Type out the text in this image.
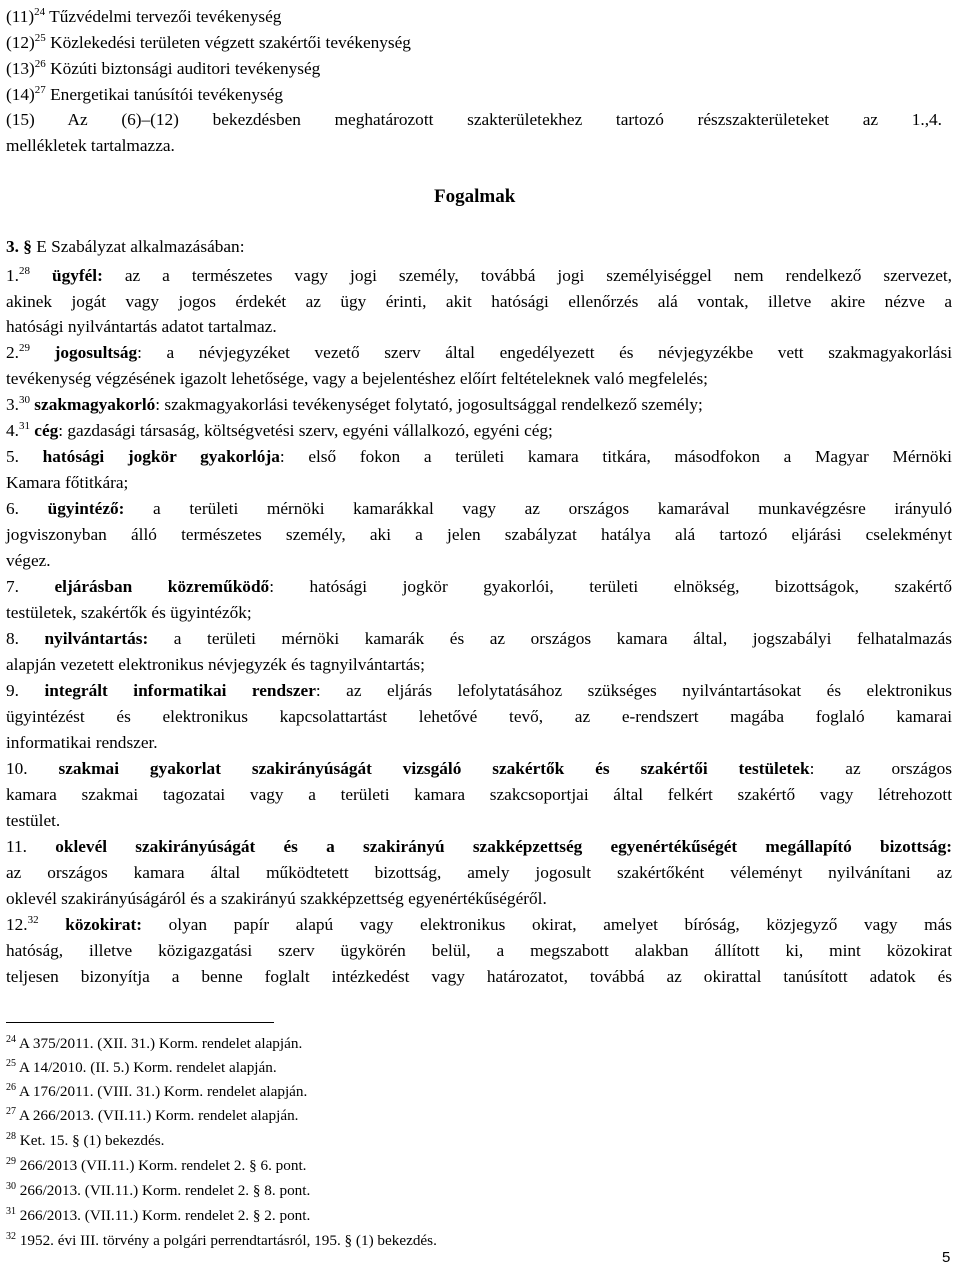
$(11)^{24}$ Tűzvédelmi tervezői tevékenység
$(12)^{25}$ Közlekedési területen végzett szakértői tevékenység
$(13)^{26}$ Közúti biztonsági auditori tevékenység
$(14)^{27}$ Energetikai tanúsítói tevékenység
(15) Az (6)–(12) bekezdésben meghatározott szakterületekhez tartozó részszakterületeket az 1.,4.
mellékletek tartalmazza.
Fogalmak
3. § E Szabályzat alkalmazásában:
1.28 ügyfél: az a természetes vagy jogi személy, továbbá jogi személyiséggel nem rendelkező szervezet,
akinek jogát vagy jogos érdekét az ügy érinti, akit hatósági ellenőrzés alá vontak, illetve akire nézve a
hatósági nyilvántartás adatot tartalmaz.
2.29 jogosultság: a névjegyzéket vezető szerv által engedélyezett és névjegyzékbe vett szakmagyakorlási
tevékenység végzésének igazolt lehetősége, vagy a bejelentéshez előírt feltételeknek való megfelelés;
3.30 szakmagyakorló: szakmagyakorlási tevékenységet folytató, jogosultsággal rendelkező személy;
4.31 cég: gazdasági társaság, költségvetési szerv, egyéni vállalkozó, egyéni cég;
5. hatósági jogkör gyakorlója: első fokon a területi kamara titkára, másodfokon a Magyar Mérnöki
Kamara főtitkára;
6. ügyintéző: a területi mérnöki kamarákkal vagy az országos kamarával munkavégzésre irányuló
jogviszonyban álló természetes személy, aki a jelen szabályzat hatálya alá tartozó eljárási cselekményt
végez.
7. eljárásban közreműködő: hatósági jogkör gyakorlói, területi elnökség, bizottságok, szakértő
testületek, szakértők és ügyintézők;
8. nyilvántartás: a területi mérnöki kamarák és az országos kamara által, jogszabályi felhatalmazás
alapján vezetett elektronikus névjegyzék és tagnyilvántartás;
9. integrált informatikai rendszer: az eljárás lefolytatásához szükséges nyilvántartásokat és elektronikus
ügyintézést és elektronikus kapcsolattartást lehetővé tevő, az e-rendszert magába foglaló kamarai
informatikai rendszer.
10. szakmai gyakorlat szakirányúságát vizsgáló szakértők és szakértői testületek: az országos
kamara szakmai tagozatai vagy a területi kamara szakcsoportjai által felkért szakértő vagy létrehozott
testület.
11. oklevél szakirányúságát és a szakirányú szakképzettség egyenértékűségét megállapító bizottság:
az országos kamara által működtetett bizottság, amely jogosult szakértőként véleményt nyilvánítani az
oklevél szakirányúságáról és a szakirányú szakképzettség egyenértékűségéről.
12.32 közokirat: olyan papír alapú vagy elektronikus okirat, amelyet bíróság, közjegyző vagy más
hatóság, illetve közigazgatási szerv ügykörén belül, a megszabott alakban állított ki, mint közokirat
teljesen bizonyítja a benne foglalt intézkedést vagy határozatot, továbbá az okirattal tanúsított adatok és
$^{24}$ A 375/2011. (XII. 31.) Korm. rendelet alapján.
$^{25}$ A 14/2010. (II. 5.) Korm. rendelet alapján.
$^{26}$ A 176/2011. (VIII. 31.) Korm. rendelet alapján.
$^{27}$ A 266/2013. (VII.11.) Korm. rendelet alapján.
$^{28}$ Ket. 15. § (1) bekezdés.
$^{29}$ 266/2013 (VII.11.) Korm. rendelet 2. § 6. pont.
$^{30}$ 266/2013. (VII.11.) Korm. rendelet 2. § 8. pont.
$^{31}$ 266/2013. (VII.11.) Korm. rendelet 2. § 2. pont.
$^{32}$ 1952. évi III. törvény a polgári perrendtartásról, 195. § (1) bekezdés.
5
